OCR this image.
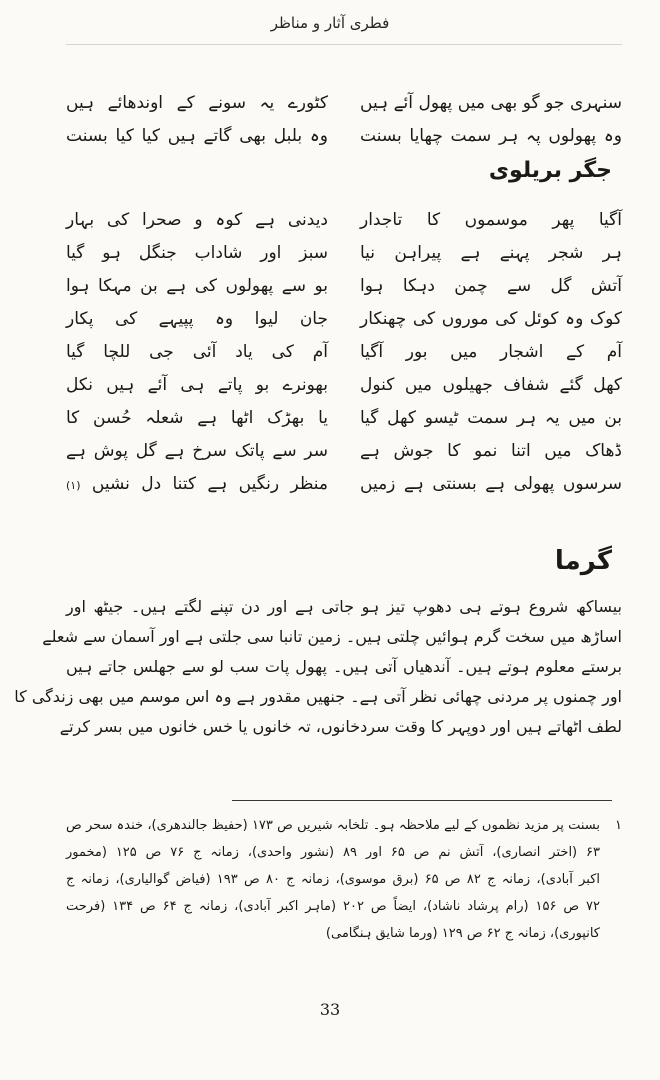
فطری آثار و مناظر
سنہری جو گو بھی میں پھول آئے ہیں
کٹورے یہ سونے کے اوندھائے ہیں
وہ پھولوں پہ ہر سمت چھایا بسنت
وہ بلبل بھی گاتے ہیں کیا کیا بسنت
جگر بریلوی
آگیا پھر موسموں کا تاجدار
دیدنی ہے کوہ و صحرا کی بہار
ہر شجر پہنے ہے پیراہن نیا
سبز اور شاداب جنگل ہو گیا
آتش گل سے چمن دہکا ہوا
بو سے پھولوں کی ہے بن مہکا ہوا
کوک وہ کوئل کی موروں کی چھنکار
جان لیوا وہ پپیہے کی پکار
آم کے اشجار میں بور آگیا
آم کی یاد آئی جی للچا گیا
کھل گئے شفاف جھیلوں میں کنول
بھونرے بو پاتے ہی آئے ہیں نکل
بن میں یہ ہر سمت ٹیسو کھل گیا
یا بھڑک اٹھا ہے شعلہ حُسن کا
ڈھاک میں اتنا نمو کا جوش ہے
سر سے پاتک سرخ ہے گل پوش ہے
سرسوں پھولی ہے بسنتی ہے زمیں
منظر رنگیں ہے کتنا دل نشیں (۱)
گرما

بیساکھ شروع ہوتے ہی دھوپ تیز ہو جاتی ہے اور دن تپنے لگتے ہیں۔ جیٹھ اور
اساڑھ میں سخت گرم ہوائیں چلتی ہیں۔ زمین تانبا سی جلتی ہے اور آسمان سے شعلے
برستے معلوم ہوتے ہیں۔ آندھیاں آتی ہیں۔ پھول پات سب لو سے جھلس جاتے ہیں
اور چمنوں پر مردنی چھائی نظر آتی ہے۔ جنھیں مقدور ہے وہ اس موسم میں بھی زندگی کا
لطف اٹھاتے ہیں اور دوپہر کا وقت سردخانوں، تہ خانوں یا خس خانوں میں بسر کرتے

۱
بسنت پر مزید نظموں کے لیے ملاحظہ ہو۔ تلخابہ شیریں ص ۱۷۳ (حفیظ جالندھری)، خندہ سحر ص
۶۳ (اختر انصاری)، آتش نم ص ۶۵ اور ۸۹ (نشور واحدی)، زمانہ ج ۷۶ ص ۱۲۵ (مخمور
اکبر آبادی)، زمانہ ج ۸۲ ص ۶۵ (برق موسوی)، زمانہ ج ۸۰ ص ۱۹۳ (فیاض گوالیاری)، زمانہ ج
۷۲ ص ۱۵۶ (رام پرشاد ناشاد)، ایضاً ص ۲۰۲ (ماہر اکبر آبادی)، زمانہ ج ۶۴ ص ۱۳۴ (فرحت
کانپوری)، زمانہ ج ۶۲ ص ۱۲۹ (ورما شایق ہنگامی)
33
